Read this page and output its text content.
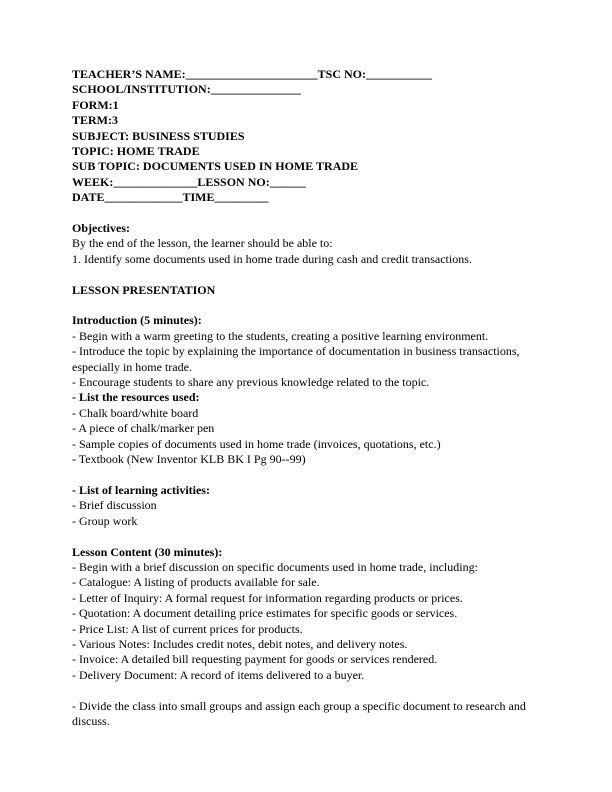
TEACHER’S NAME:______________________TSC NO:___________

SCHOOL/INSTITUTION:_______________

FORM:1

TERM:3

SUBJECT: BUSINESS STUDIES

TOPIC: HOME TRADE

SUB TOPIC: DOCUMENTS USED IN HOME TRADE

WEEK:______________LESSON NO:______

DATE_____________TIME_________

Objectives:

By the end of the lesson, the learner should be able to:

1. Identify some documents used in home trade during cash and credit transactions.

LESSON PRESENTATION

Introduction (5 minutes):

- Begin with a warm greeting to the students, creating a positive learning environment.

- Introduce the topic by explaining the importance of documentation in business transactions, especially in home trade.

- Encourage students to share any previous knowledge related to the topic.

- List the resources used:

- Chalk board/white board

- A piece of chalk/marker pen

- Sample copies of documents used in home trade (invoices, quotations, etc.)

- Textbook (New Inventor KLB BK I Pg 90--99)

- List of learning activities:

- Brief discussion

- Group work

Lesson Content (30 minutes):

- Begin with a brief discussion on specific documents used in home trade, including:

- Catalogue: A listing of products available for sale.

- Letter of Inquiry: A formal request for information regarding products or prices.

- Quotation: A document detailing price estimates for specific goods or services.

- Price List: A list of current prices for products.

- Various Notes: Includes credit notes, debit notes, and delivery notes.

- Invoice: A detailed bill requesting payment for goods or services rendered.

- Delivery Document: A record of items delivered to a buyer.

- Divide the class into small groups and assign each group a specific document to research and discuss.
